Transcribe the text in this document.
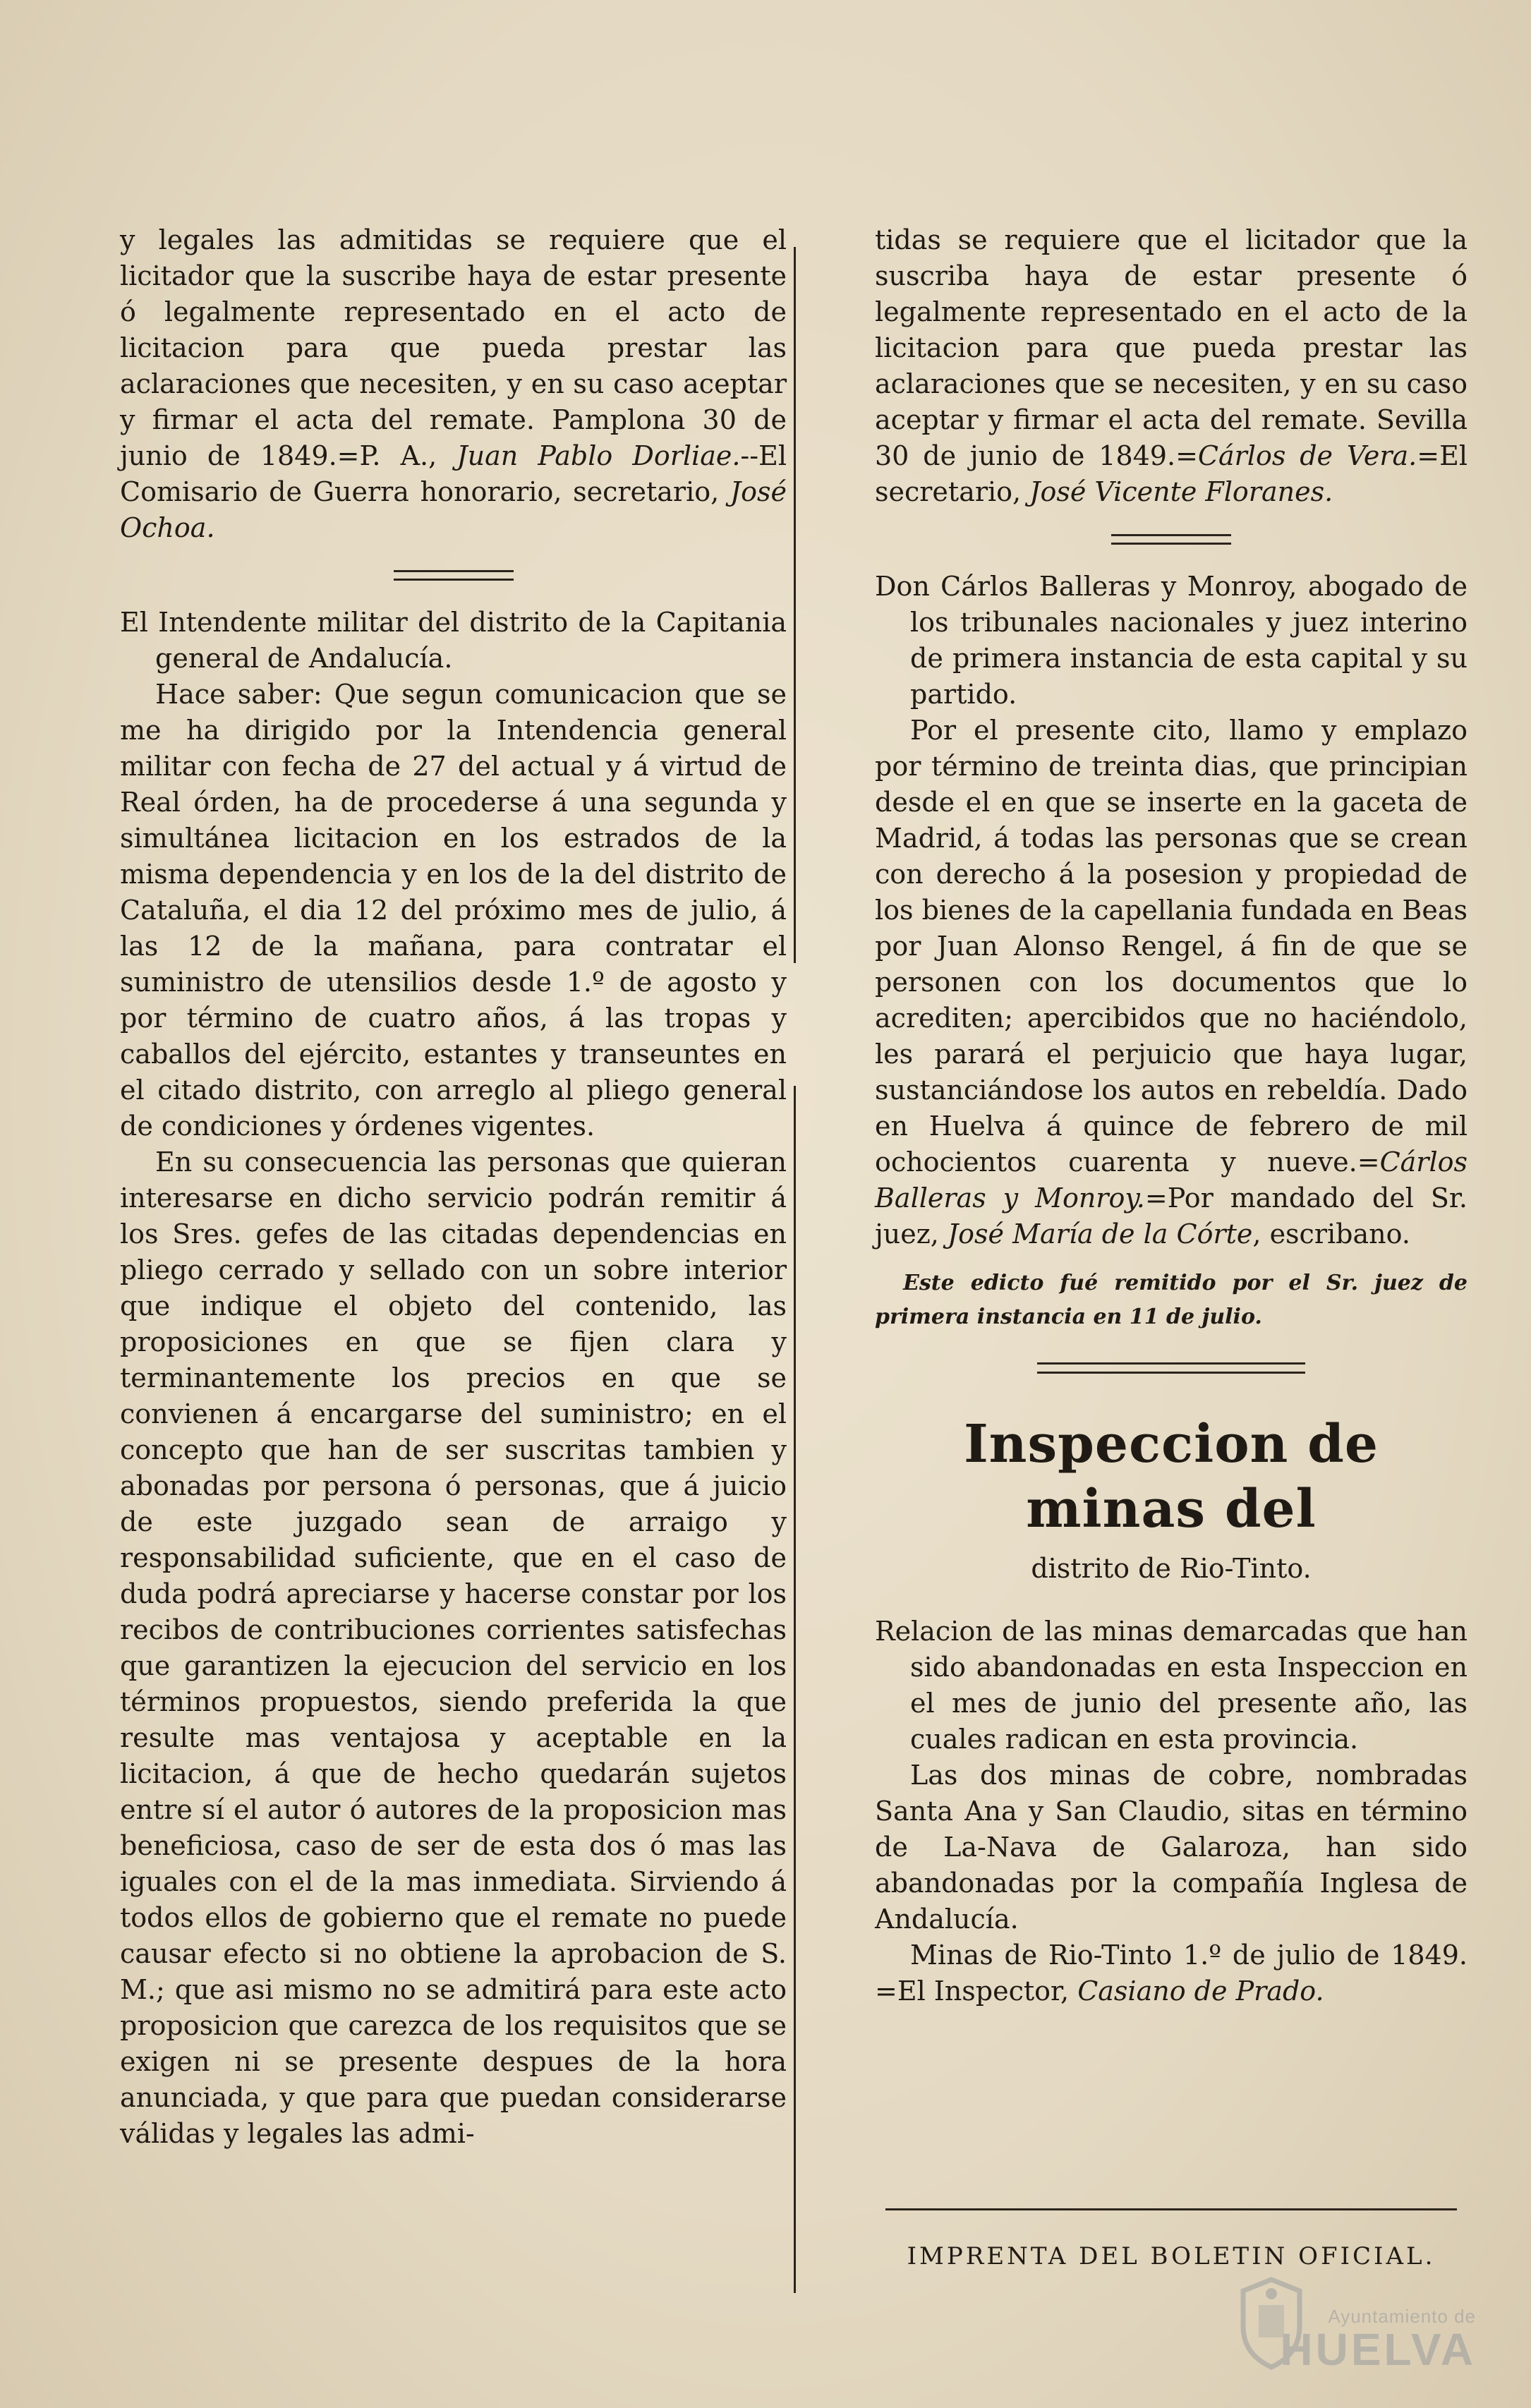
y legales las admitidas se requiere que el licitador que la suscribe haya de estar presente ó legalmente representado en el acto de licitacion para que pueda prestar las aclaraciones que necesiten, y en su caso aceptar y firmar el acta del remate. Pamplona 30 de junio de 1849.=P. A., Juan Pablo Dorliae.--El Comisario de Guerra honorario, secretario, José Ochoa.

El Intendente militar del distrito de la Capitania general de Andalucía.

Hace saber: Que segun comunicacion que se me ha dirigido por la Intendencia general militar con fecha de 27 del actual y á virtud de Real órden, ha de procederse á una segunda y simultánea licitacion en los estrados de la misma dependencia y en los de la del distrito de Cataluña, el dia 12 del próximo mes de julio, á las 12 de la mañana, para contratar el suministro de utensilios desde 1.º de agosto y por término de cuatro años, á las tropas y caballos del ejército, estantes y transeuntes en el citado distrito, con arreglo al pliego general de condiciones y órdenes vigentes.

En su consecuencia las personas que quieran interesarse en dicho servicio podrán remitir á los Sres. gefes de las citadas dependencias en pliego cerrado y sellado con un sobre interior que indique el objeto del contenido, las proposiciones en que se fijen clara y terminantemente los precios en que se convienen á encargarse del suministro; en el concepto que han de ser suscritas tambien y abonadas por persona ó personas, que á juicio de este juzgado sean de arraigo y responsabilidad suficiente, que en el caso de duda podrá apreciarse y hacerse constar por los recibos de contribuciones corrientes satisfechas que garantizen la ejecucion del servicio en los términos propuestos, siendo preferida la que resulte mas ventajosa y aceptable en la licitacion, á que de hecho quedarán sujetos entre sí el autor ó autores de la proposicion mas beneficiosa, caso de ser de esta dos ó mas las iguales con el de la mas inmediata. Sirviendo á todos ellos de gobierno que el remate no puede causar efecto si no obtiene la aprobacion de S. M.; que asi mismo no se admitirá para este acto proposicion que carezca de los requisitos que se exigen ni se presente despues de la hora anunciada, y que para que puedan considerarse válidas y legales las admi-

tidas se requiere que el licitador que la suscriba haya de estar presente ó legalmente representado en el acto de la licitacion para que pueda prestar las aclaraciones que se necesiten, y en su caso aceptar y firmar el acta del remate. Sevilla 30 de junio de 1849.=Cárlos de Vera.=El secretario, José Vicente Floranes.

Don Cárlos Balleras y Monroy, abogado de los tribunales nacionales y juez interino de primera instancia de esta capital y su partido.

Por el presente cito, llamo y emplazo por término de treinta dias, que principian desde el en que se inserte en la gaceta de Madrid, á todas las personas que se crean con derecho á la posesion y propiedad de los bienes de la capellania fundada en Beas por Juan Alonso Rengel, á fin de que se personen con los documentos que lo acrediten; apercibidos que no haciéndolo, les parará el perjuicio que haya lugar, sustanciándose los autos en rebeldía. Dado en Huelva á quince de febrero de mil ochocientos cuarenta y nueve.=Cárlos Balleras y Monroy.=Por mandado del Sr. juez, José María de la Córte, escribano.

Este edicto fué remitido por el Sr. juez de primera instancia en 11 de julio.

Inspeccion de minas del
distrito de Rio-Tinto.

Relacion de las minas demarcadas que han sido abandonadas en esta Inspeccion en el mes de junio del presente año, las cuales radican en esta provincia.

Las dos minas de cobre, nombradas Santa Ana y San Claudio, sitas en término de La-Nava de Galaroza, han sido abandonadas por la compañía Inglesa de Andalucía.

Minas de Rio-Tinto 1.º de julio de 1849. =El Inspector, Casiano de Prado.

IMPRENTA DEL BOLETIN OFICIAL.
Ayuntamiento de
HUELVA
